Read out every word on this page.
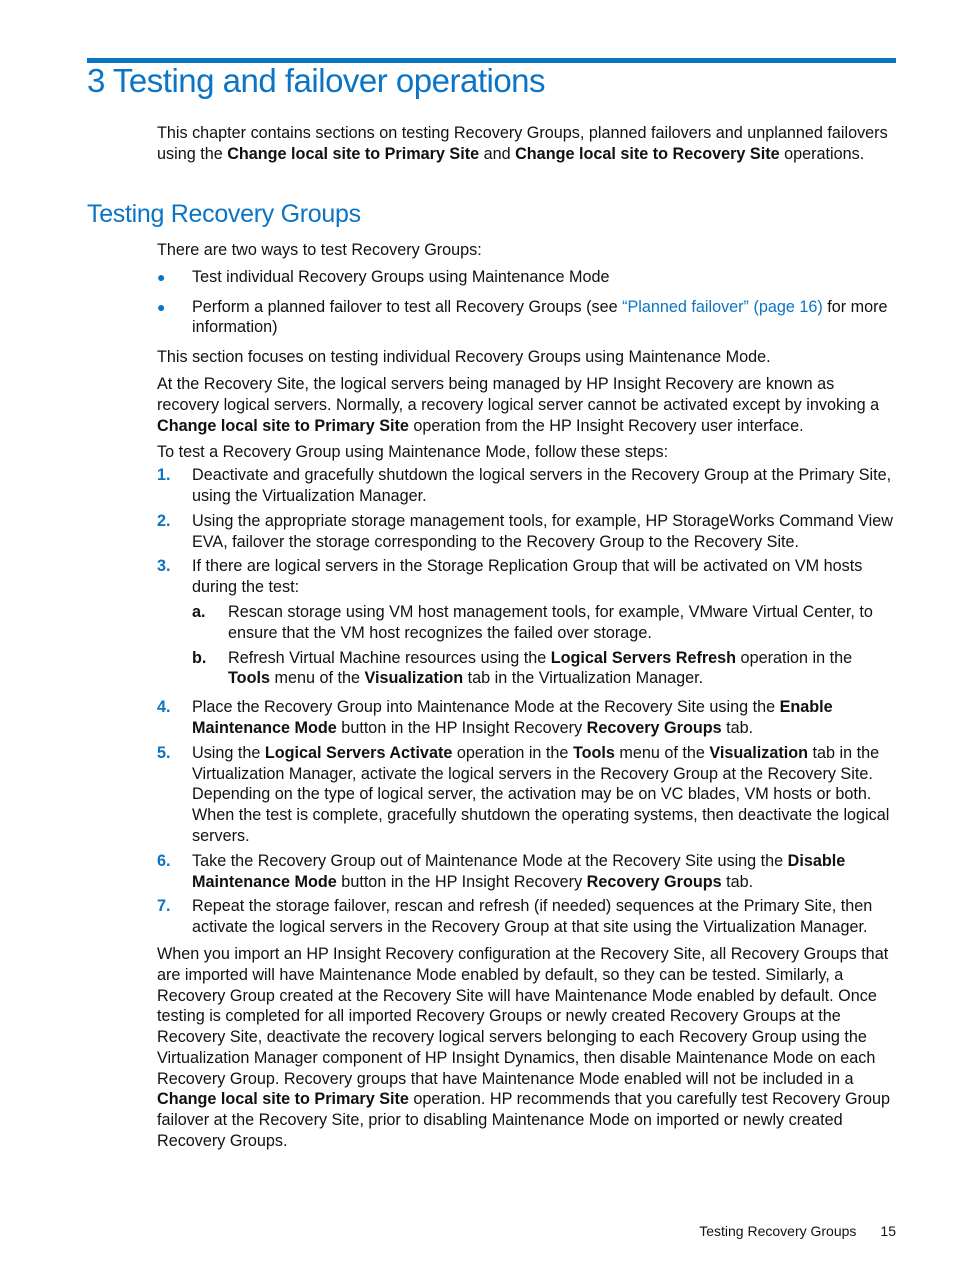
3 Testing and failover operations

This chapter contains sections on testing Recovery Groups, planned failovers and unplanned failovers using the Change local site to Primary Site and Change local site to Recovery Site operations.

Testing Recovery Groups

There are two ways to test Recovery Groups:

● Test individual Recovery Groups using Maintenance Mode
● Perform a planned failover to test all Recovery Groups (see “Planned failover” (page 16) for more information)

This section focuses on testing individual Recovery Groups using Maintenance Mode.

At the Recovery Site, the logical servers being managed by HP Insight Recovery are known as recovery logical servers. Normally, a recovery logical server cannot be activated except by invoking a Change local site to Primary Site operation from the HP Insight Recovery user interface.

To test a Recovery Group using Maintenance Mode, follow these steps:

1. Deactivate and gracefully shutdown the logical servers in the Recovery Group at the Primary Site, using the Virtualization Manager.
2. Using the appropriate storage management tools, for example, HP StorageWorks Command View EVA, failover the storage corresponding to the Recovery Group to the Recovery Site.
3. If there are logical servers in the Storage Replication Group that will be activated on VM hosts during the test:
a. Rescan storage using VM host management tools, for example, VMware Virtual Center, to ensure that the VM host recognizes the failed over storage.
b. Refresh Virtual Machine resources using the Logical Servers Refresh operation in the Tools menu of the Visualization tab in the Virtualization Manager.
4. Place the Recovery Group into Maintenance Mode at the Recovery Site using the Enable Maintenance Mode button in the HP Insight Recovery Recovery Groups tab.
5. Using the Logical Servers Activate operation in the Tools menu of the Visualization tab in the Virtualization Manager, activate the logical servers in the Recovery Group at the Recovery Site. Depending on the type of logical server, the activation may be on VC blades, VM hosts or both. When the test is complete, gracefully shutdown the operating systems, then deactivate the logical servers.
6. Take the Recovery Group out of Maintenance Mode at the Recovery Site using the Disable Maintenance Mode button in the HP Insight Recovery Recovery Groups tab.
7. Repeat the storage failover, rescan and refresh (if needed) sequences at the Primary Site, then activate the logical servers in the Recovery Group at that site using the Virtualization Manager.

When you import an HP Insight Recovery configuration at the Recovery Site, all Recovery Groups that are imported will have Maintenance Mode enabled by default, so they can be tested. Similarly, a Recovery Group created at the Recovery Site will have Maintenance Mode enabled by default. Once testing is completed for all imported Recovery Groups or newly created Recovery Groups at the Recovery Site, deactivate the recovery logical servers belonging to each Recovery Group using the Virtualization Manager component of HP Insight Dynamics, then disable Maintenance Mode on each Recovery Group. Recovery groups that have Maintenance Mode enabled will not be included in a Change local site to Primary Site operation. HP recommends that you carefully test Recovery Group failover at the Recovery Site, prior to disabling Maintenance Mode on imported or newly created Recovery Groups.

Testing Recovery Groups 15
